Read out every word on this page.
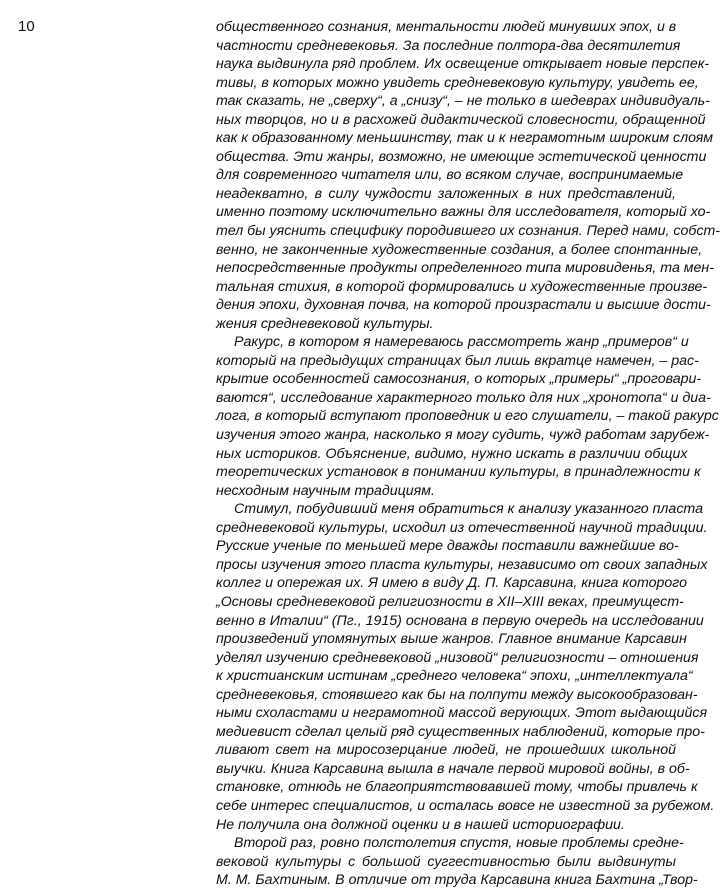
10	общественного сознания, ментальности людей минувших эпох, и в
частности средневековья. За последние полтора-два десятилетия
наука выдвинула ряд проблем. Их освещение открывает новые перспек-
тивы, в которых можно увидеть средневековую культуру, увидеть ее,
так сказать, не „сверху“, а „снизу“, – не только в шедеврах индивидуаль-
ных творцов, но и в расхожей дидактической словесности, обращенной
как к образованному меньшинству, так и к неграмотным широким слоям
общества. Эти жанры, возможно, не имеющие эстетической ценности
для современного читателя или, во всяком случае, воспринимаемые
неадекватно, в силу чуждости заложенных в них представлений,
именно поэтому исключительно важны для исследователя, который хо-
тел бы уяснить специфику породившего их сознания. Перед нами, собст-
венно, не законченные художественные создания, а более спонтанные,
непосредственные продукты определенного типа мировиденья, та мен-
тальная стихия, в которой формировались и художественные произве-
дения эпохи, духовная почва, на которой произрастали и высшие дости-
жения средневековой культуры.
Ракурс, в котором я намереваюсь рассмотреть жанр „примеров“ и
который на предыдущих страницах был лишь вкратце намечен, – рас-
крытие особенностей самосознания, о которых „примеры“ „проговари-
ваются“, исследование характерного только для них „хронотопа“ и диа-
лога, в который вступают проповедник и его слушатели, – такой ракурс
изучения этого жанра, насколько я могу судить, чужд работам зарубеж-
ных историков. Объяснение, видимо, нужно искать в различии общих
теоретических установок в понимании культуры, в принадлежности к
несходным научным традициям.
Стимул, побудивший меня обратиться к анализу указанного пласта
средневековой культуры, исходил из отечественной научной традиции.
Русские ученые по меньшей мере дважды поставили важнейшие во-
просы изучения этого пласта культуры, независимо от своих западных
коллег и опережая их. Я имею в виду Д. П. Карсавина, книга которого
„Основы средневековой религиозности в XII–XIII веках, преимущест-
венно в Италии“ (Пг., 1915) основана в первую очередь на исследовании
произведений упомянутых выше жанров. Главное внимание Карсавин
уделял изучению средневековой „низовой“ религиозности – отношения
к христианским истинам „среднего человека“ эпохи, „интеллектуала“
средневековья, стоявшего как бы на полпути между высокообразован-
ными схоластами и неграмотной массой верующих. Этот выдающийся
медиевист сделал целый ряд существенных наблюдений, которые про-
ливают свет на миросозерцание людей, не прошедших школьной
выучки. Книга Карсавина вышла в начале первой мировой войны, в об-
становке, отнюдь не благоприятствовавшей тому, чтобы привлечь к
себе интерес специалистов, и осталась вовсе не известной за рубежом.
Не получила она должной оценки и в нашей историографии.
Второй раз, ровно полстолетия спустя, новые проблемы средне-
вековой культуры с большой суггестивностью были выдвинуты
М. М. Бахтиным. В отличие от труда Карсавина книга Бахтина „Твор-
